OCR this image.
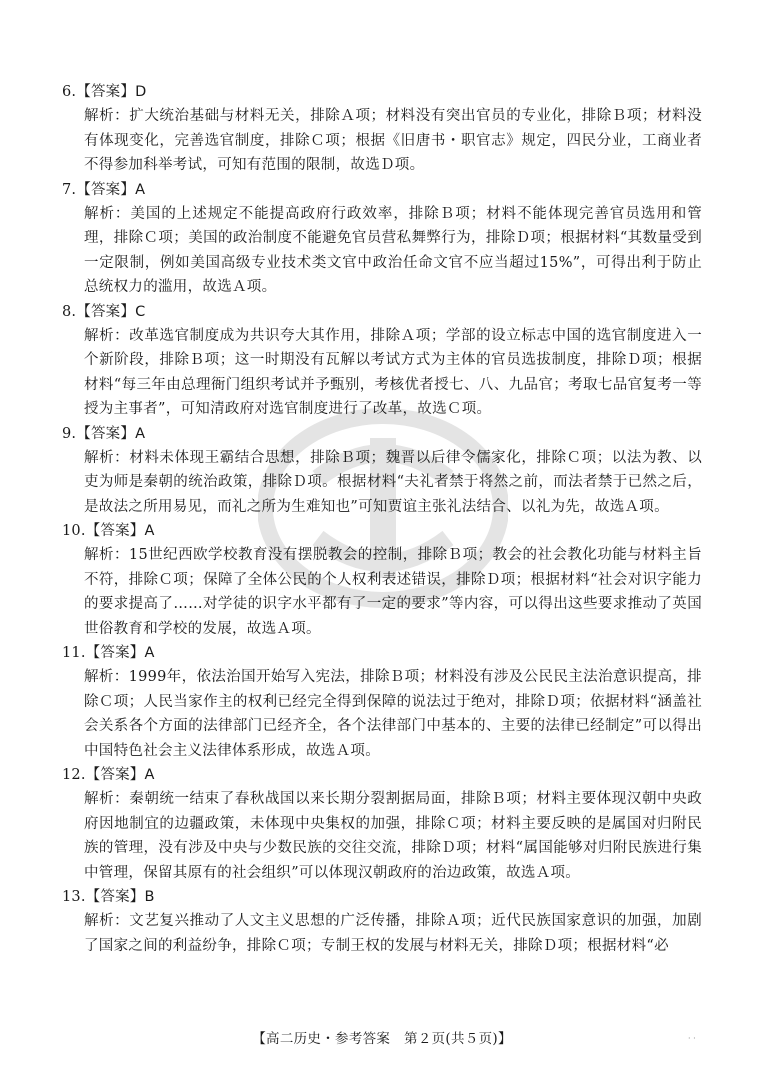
6.【答案】D
解析：扩大统治基础与材料无关，排除Ａ项；材料没有突出官员的专业化，排除Ｂ项；材料没有体现变化，完善选官制度，排除Ｃ项；根据《旧唐书・职官志》规定，四民分业，工商业者不得参加科举考试，可知有范围的限制，故选Ｄ项。
7.【答案】A
解析：美国的上述规定不能提高政府行政效率，排除Ｂ项；材料不能体现完善官员选用和管理，排除Ｃ项；美国的政治制度不能避免官员营私舞弊行为，排除Ｄ项；根据材料“其数量受到一定限制，例如美国高级专业技术类文官中政治任命文官不应当超过15%”，可得出利于防止总统权力的滥用，故选Ａ项。
8.【答案】C
解析：改革选官制度成为共识夸大其作用，排除Ａ项；学部的设立标志中国的选官制度进入一个新阶段，排除Ｂ项；这一时期没有瓦解以考试方式为主体的官员选拔制度，排除Ｄ项；根据材料“每三年由总理衙门组织考试并予甄别，考核优者授七、八、九品官；考取七品官复考一等授为主事者”，可知清政府对选官制度进行了改革，故选Ｃ项。
9.【答案】A
解析：材料未体现王霸结合思想，排除Ｂ项；魏晋以后律令儒家化，排除Ｃ项；以法为教、以吏为师是秦朝的统治政策，排除Ｄ项。根据材料“夫礼者禁于将然之前，而法者禁于已然之后，是故法之所用易见，而礼之所为生难知也”可知贾谊主张礼法结合、以礼为先，故选Ａ项。
10.【答案】A
解析：15世纪西欧学校教育没有摆脱教会的控制，排除Ｂ项；教会的社会教化功能与材料主旨不符，排除Ｃ项；保障了全体公民的个人权利表述错误，排除Ｄ项；根据材料“社会对识字能力的要求提高了……对学徒的识字水平都有了一定的要求”等内容，可以得出这些要求推动了英国世俗教育和学校的发展，故选Ａ项。
11.【答案】A
解析：1999年，依法治国开始写入宪法，排除Ｂ项；材料没有涉及公民民主法治意识提高，排除Ｃ项；人民当家作主的权利已经完全得到保障的说法过于绝对，排除Ｄ项；依据材料“涵盖社会关系各个方面的法律部门已经齐全，各个法律部门中基本的、主要的法律已经制定”可以得出中国特色社会主义法律体系形成，故选Ａ项。
12.【答案】A
解析：秦朝统一结束了春秋战国以来长期分裂割据局面，排除Ｂ项；材料主要体现汉朝中央政府因地制宜的边疆政策，未体现中央集权的加强，排除Ｃ项；材料主要反映的是属国对归附民族的管理，没有涉及中央与少数民族的交往交流，排除Ｄ项；材料“属国能够对归附民族进行集中管理，保留其原有的社会组织”可以体现汉朝政府的治边政策，故选Ａ项。
13.【答案】B
解析：文艺复兴推动了人文主义思想的广泛传播，排除Ａ项；近代民族国家意识的加强，加剧了国家之间的利益纷争，排除Ｃ项；专制王权的发展与材料无关，排除Ｄ项；根据材料“必
【高二历史・参考答案　第２页(共５页)】	· ·
